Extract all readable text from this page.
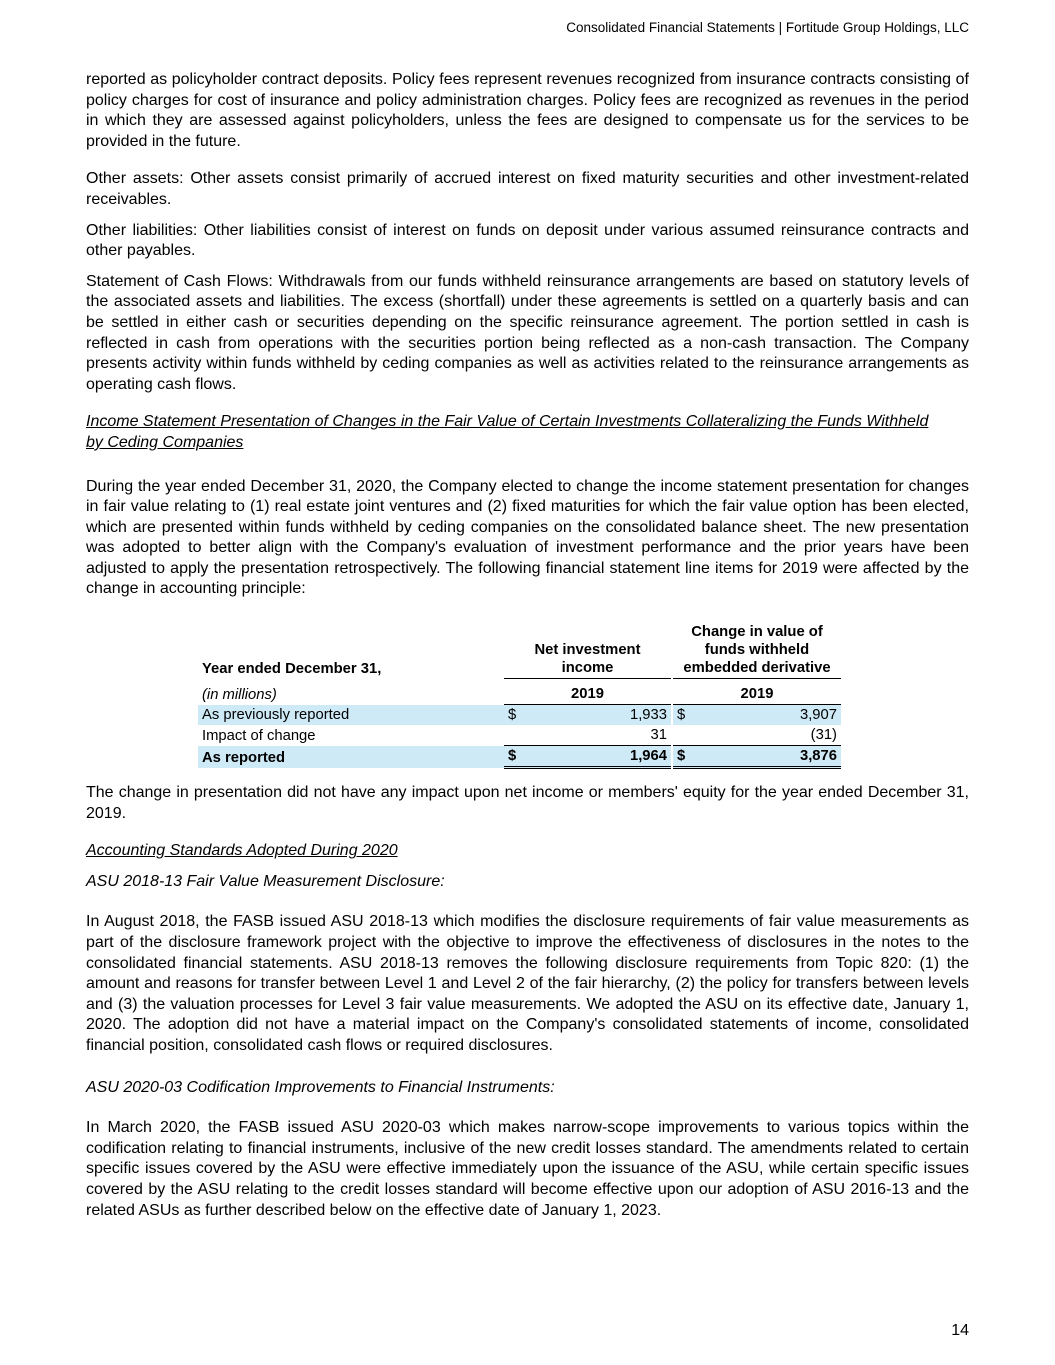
Consolidated Financial Statements | Fortitude Group Holdings, LLC

reported as policyholder contract deposits. Policy fees represent revenues recognized from insurance contracts consisting of policy charges for cost of insurance and policy administration charges. Policy fees are recognized as revenues in the period in which they are assessed against policyholders, unless the fees are designed to compensate us for the services to be provided in the future.

Other assets: Other assets consist primarily of accrued interest on fixed maturity securities and other investment-related receivables.

Other liabilities: Other liabilities consist of interest on funds on deposit under various assumed reinsurance contracts and other payables.

Statement of Cash Flows: Withdrawals from our funds withheld reinsurance arrangements are based on statutory levels of the associated assets and liabilities. The excess (shortfall) under these agreements is settled on a quarterly basis and can be settled in either cash or securities depending on the specific reinsurance agreement. The portion settled in cash is reflected in cash from operations with the securities portion being reflected as a non-cash transaction. The Company presents activity within funds withheld by ceding companies as well as activities related to the reinsurance arrangements as operating cash flows.

Income Statement Presentation of Changes in the Fair Value of Certain Investments Collateralizing the Funds Withheld by Ceding Companies

During the year ended December 31, 2020, the Company elected to change the income statement presentation for changes in fair value relating to (1) real estate joint ventures and (2) fixed maturities for which the fair value option has been elected, which are presented within funds withheld by ceding companies on the consolidated balance sheet. The new presentation was adopted to better align with the Company's evaluation of investment performance and the prior years have been adjusted to apply the presentation retrospectively. The following financial statement line items for 2019 were affected by the change in accounting principle:

Year ended December 31,	Net investment income			Change in value of funds withheld embedded derivative	

(in millions)	2019			2019	
As previously reported	$	1,933		$	3,907
Impact of change		31			(31)
As reported	$	1,964		$	3,876

The change in presentation did not have any impact upon net income or members' equity for the year ended December 31, 2019.

Accounting Standards Adopted During 2020

ASU 2018-13 Fair Value Measurement Disclosure:

In August 2018, the FASB issued ASU 2018-13 which modifies the disclosure requirements of fair value measurements as part of the disclosure framework project with the objective to improve the effectiveness of disclosures in the notes to the consolidated financial statements. ASU 2018-13 removes the following disclosure requirements from Topic 820: (1) the amount and reasons for transfer between Level 1 and Level 2 of the fair hierarchy, (2) the policy for transfers between levels and (3) the valuation processes for Level 3 fair value measurements. We adopted the ASU on its effective date, January 1, 2020. The adoption did not have a material impact on the Company's consolidated statements of income, consolidated financial position, consolidated cash flows or required disclosures.

ASU 2020-03 Codification Improvements to Financial Instruments:

In March 2020, the FASB issued ASU 2020-03 which makes narrow-scope improvements to various topics within the codification relating to financial instruments, inclusive of the new credit losses standard. The amendments related to certain specific issues covered by the ASU were effective immediately upon the issuance of the ASU, while certain specific issues covered by the ASU relating to the credit losses standard will become effective upon our adoption of ASU 2016-13 and the related ASUs as further described below on the effective date of January 1, 2023.

14
